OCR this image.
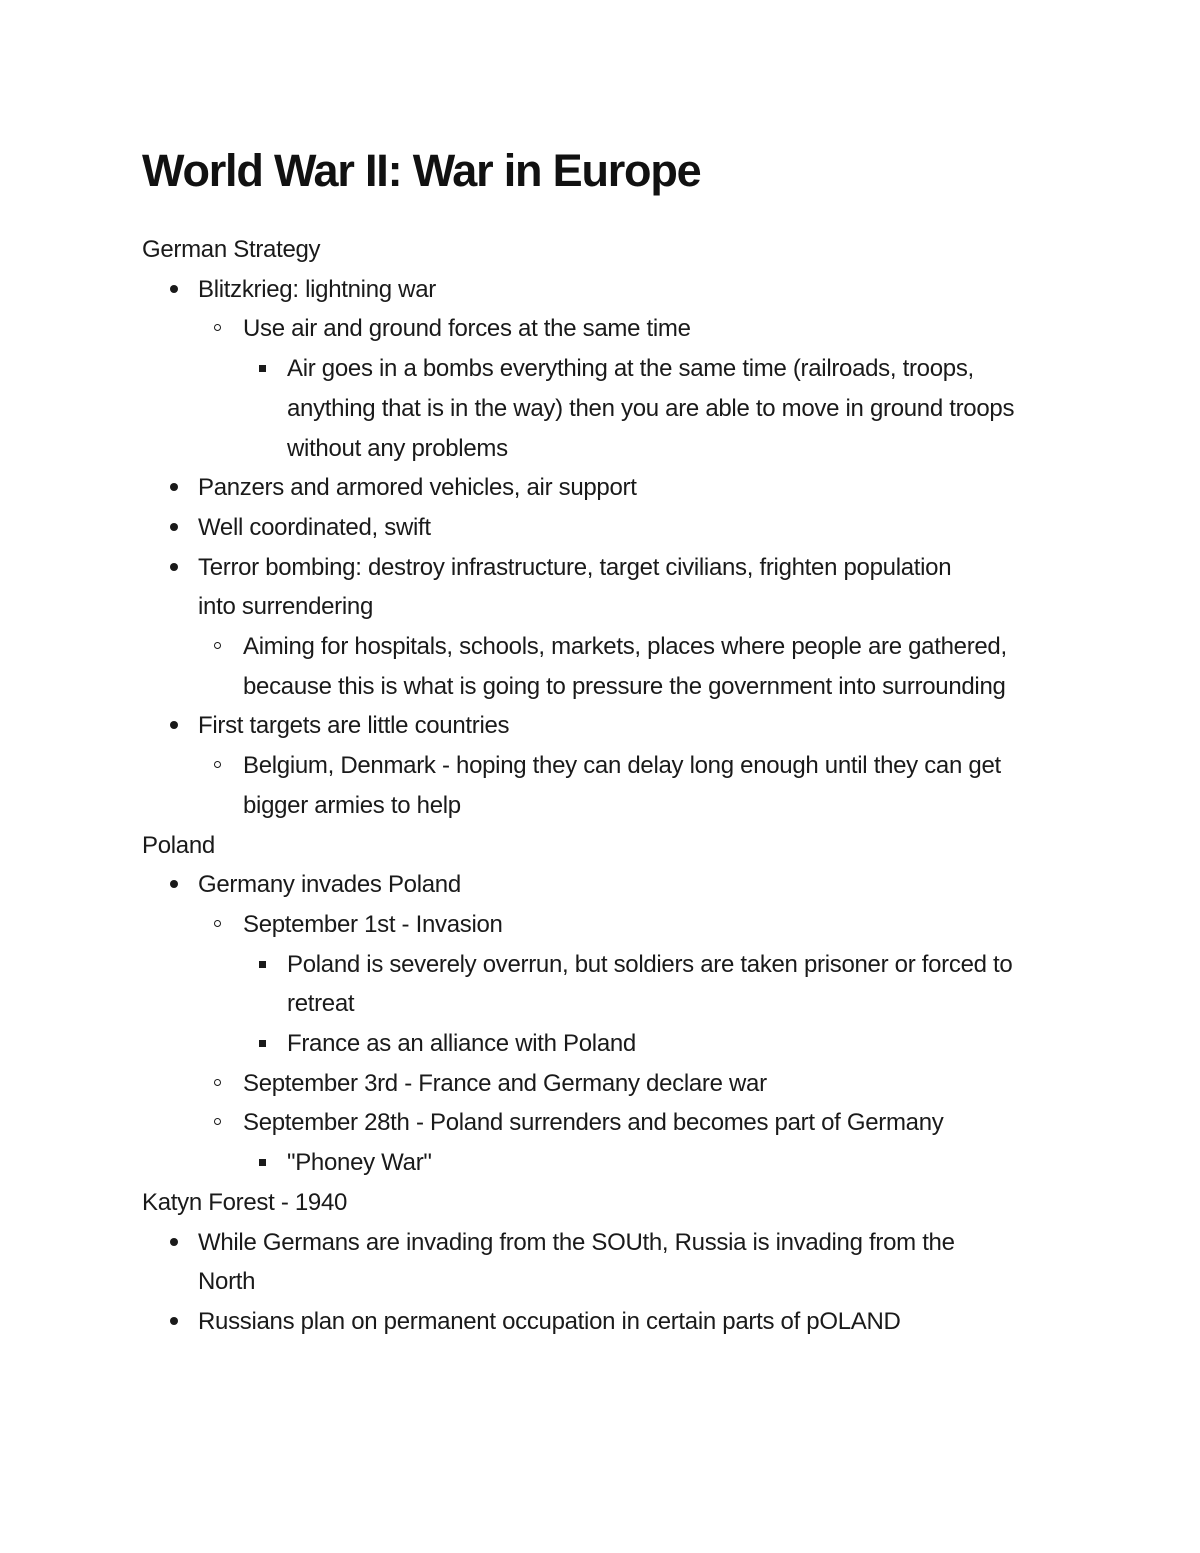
World War II: War in Europe

German Strategy

Blitzkrieg: lightning war
Use air and ground forces at the same time
Air goes in a bombs everything at the same time (railroads, troops, anything that is in the way) then you are able to move in ground troops without any problems
Panzers and armored vehicles, air support
Well coordinated, swift
Terror bombing: destroy infrastructure, target civilians, frighten population into surrendering
Aiming for hospitals, schools, markets, places where people are gathered, because this is what is going to pressure the government into surrounding
First targets are little countries
Belgium, Denmark - hoping they can delay long enough until they can get bigger armies to help

Poland

Germany invades Poland
September 1st - Invasion
Poland is severely overrun, but soldiers are taken prisoner or forced to retreat
France as an alliance with Poland
September 3rd - France and Germany declare war
September 28th - Poland surrenders and becomes part of Germany
"Phoney War"

Katyn Forest - 1940

While Germans are invading from the SOUth, Russia is invading from the North
Russians plan on permanent occupation in certain parts of pOLAND
